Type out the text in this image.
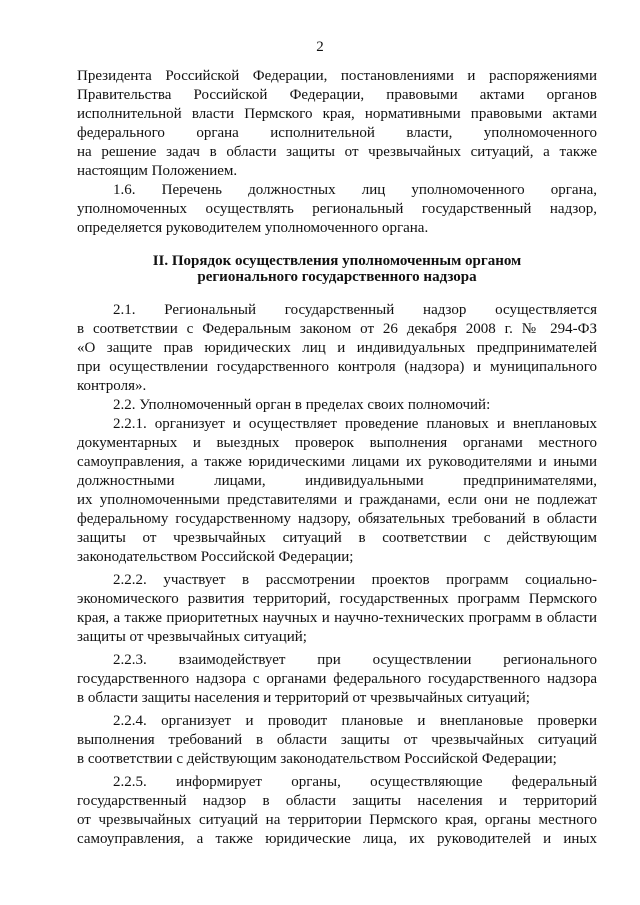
2
Президента Российской Федерации, постановлениями и распоряжениями
Правительства Российской Федерации, правовыми актами органов
исполнительной власти Пермского края, нормативными правовыми актами
федерального органа исполнительной власти, уполномоченного
на решение задач в области защиты от чрезвычайных ситуаций, а также
настоящим Положением.
1.6. Перечень должностных лиц уполномоченного органа,
уполномоченных осуществлять региональный государственный надзор,
определяется руководителем уполномоченного органа.
II. Порядок осуществления уполномоченным органом
регионального государственного надзора
2.1. Региональный государственный надзор осуществляется
в соответствии с Федеральным законом от 26 декабря 2008 г. № 294-ФЗ
«О защите прав юридических лиц и индивидуальных предпринимателей
при осуществлении государственного контроля (надзора) и муниципального
контроля».
2.2. Уполномоченный орган в пределах своих полномочий:
2.2.1. организует и осуществляет проведение плановых и внеплановых
документарных и выездных проверок выполнения органами местного
самоуправления, а также юридическими лицами их руководителями и иными
должностными лицами, индивидуальными предпринимателями,
их уполномоченными представителями и гражданами, если они не подлежат
федеральному государственному надзору, обязательных требований в области
защиты от чрезвычайных ситуаций в соответствии с действующим
законодательством Российской Федерации;
2.2.2. участвует в рассмотрении проектов программ социально-
экономического развития территорий, государственных программ Пермского
края, а также приоритетных научных и научно-технических программ в области
защиты от чрезвычайных ситуаций;
2.2.3. взаимодействует при осуществлении регионального
государственного надзора с органами федерального государственного надзора
в области защиты населения и территорий от чрезвычайных ситуаций;
2.2.4. организует и проводит плановые и внеплановые проверки
выполнения требований в области защиты от чрезвычайных ситуаций
в соответствии с действующим законодательством Российской Федерации;
2.2.5. информирует органы, осуществляющие федеральный
государственный надзор в области защиты населения и территорий
от чрезвычайных ситуаций на территории Пермского края, органы местного
самоуправления, а также юридические лица, их руководителей и иных
